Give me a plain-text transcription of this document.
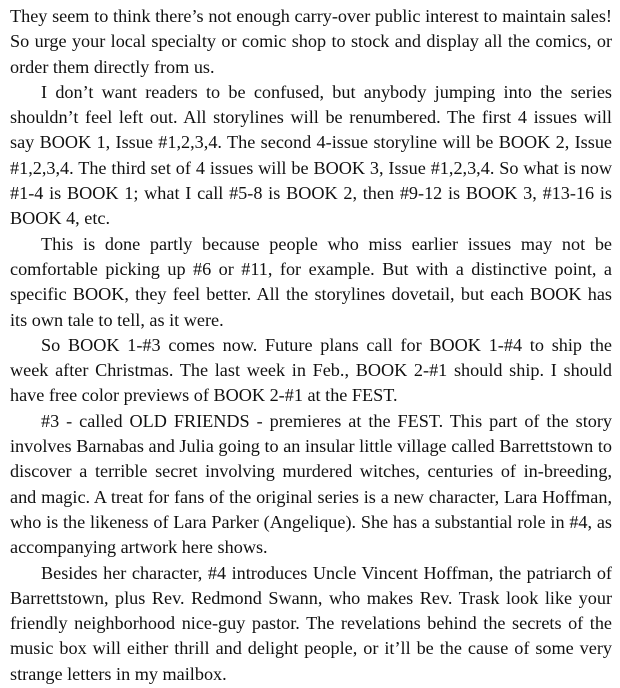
They seem to think there’s not enough carry-over public interest to maintain sales! So urge your local specialty or comic shop to stock and display all the comics, or order them directly from us.

I don’t want readers to be confused, but anybody jumping into the series shouldn’t feel left out. All storylines will be renumbered. The first 4 issues will say BOOK 1, Issue #1,2,3,4. The second 4-issue storyline will be BOOK 2, Issue #1,2,3,4. The third set of 4 issues will be BOOK 3, Issue #1,2,3,4. So what is now #1-4 is BOOK 1; what I call #5-8 is BOOK 2, then #9-12 is BOOK 3, #13-16 is BOOK 4, etc.

This is done partly because people who miss earlier issues may not be comfortable picking up #6 or #11, for example. But with a distinctive point, a specific BOOK, they feel better. All the storylines dovetail, but each BOOK has its own tale to tell, as it were.

So BOOK 1-#3 comes now. Future plans call for BOOK 1-#4 to ship the week after Christmas. The last week in Feb., BOOK 2-#1 should ship. I should have free color previews of BOOK 2-#1 at the FEST.

#3 - called OLD FRIENDS - premieres at the FEST. This part of the story involves Barnabas and Julia going to an insular little village called Barrettstown to discover a terrible secret involving murdered witches, centuries of in-breeding, and magic. A treat for fans of the original series is a new character, Lara Hoffman, who is the likeness of Lara Parker (Angelique). She has a substantial role in #4, as accompanying artwork here shows.

Besides her character, #4 introduces Uncle Vincent Hoffman, the patriarch of Barrettstown, plus Rev. Redmond Swann, who makes Rev. Trask look like your friendly neighborhood nice-guy pastor. The revelations behind the secrets of the music box will either thrill and delight people, or it’ll be the cause of some very strange letters in my mailbox.
